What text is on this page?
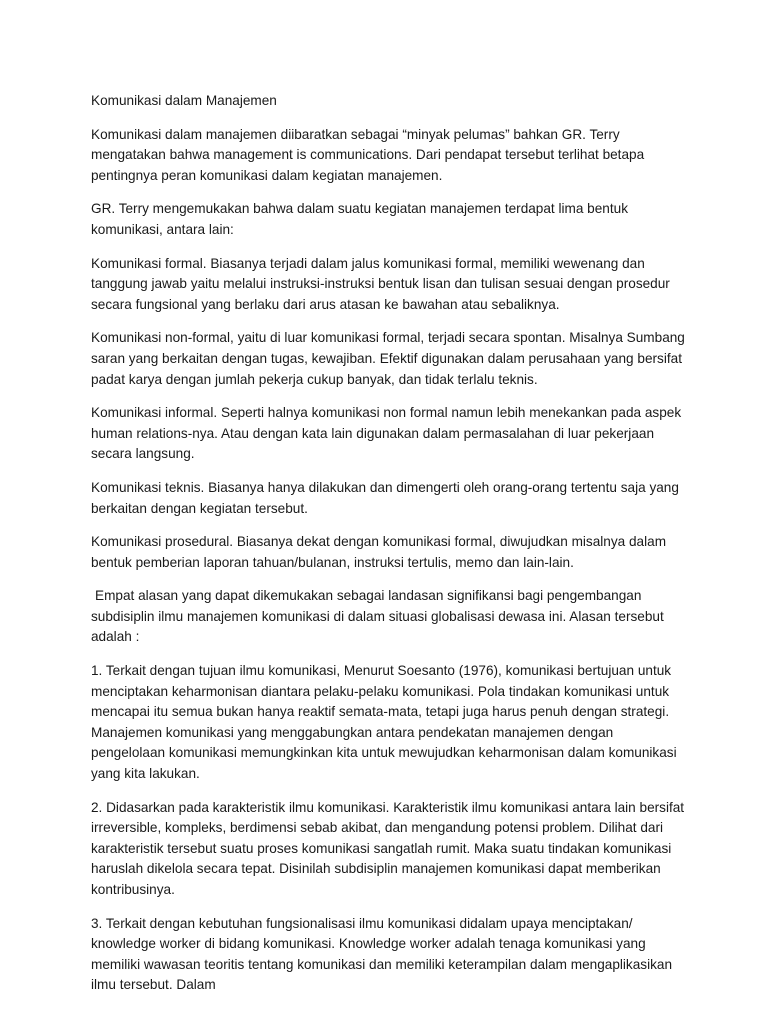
Komunikasi dalam Manajemen

Komunikasi dalam manajemen diibaratkan sebagai “minyak pelumas” bahkan GR. Terry mengatakan bahwa management is communications. Dari pendapat tersebut terlihat betapa pentingnya peran komunikasi dalam kegiatan manajemen.

GR. Terry mengemukakan bahwa dalam suatu kegiatan manajemen terdapat lima bentuk komunikasi, antara lain:

Komunikasi formal. Biasanya terjadi dalam jalus komunikasi formal, memiliki wewenang dan tanggung jawab yaitu melalui instruksi-instruksi bentuk lisan dan tulisan sesuai dengan prosedur secara fungsional yang berlaku dari arus atasan ke bawahan atau sebaliknya.

Komunikasi non-formal, yaitu di luar komunikasi formal, terjadi secara spontan. Misalnya Sumbang saran yang berkaitan dengan tugas, kewajiban. Efektif digunakan dalam perusahaan yang bersifat padat karya dengan jumlah pekerja cukup banyak, dan tidak terlalu teknis.

Komunikasi informal. Seperti halnya komunikasi non formal namun lebih menekankan pada aspek human relations-nya. Atau dengan kata lain digunakan dalam permasalahan di luar pekerjaan secara langsung.

Komunikasi teknis. Biasanya hanya dilakukan dan dimengerti oleh orang-orang tertentu saja yang berkaitan dengan kegiatan tersebut.

Komunikasi prosedural. Biasanya dekat dengan komunikasi formal, diwujudkan misalnya dalam bentuk pemberian laporan tahuan/bulanan, instruksi tertulis, memo dan lain-lain.

Empat alasan yang dapat dikemukakan sebagai landasan signifikansi bagi pengembangan subdisiplin ilmu manajemen komunikasi di dalam situasi globalisasi dewasa ini. Alasan tersebut adalah :

1. Terkait dengan tujuan ilmu komunikasi, Menurut Soesanto (1976), komunikasi bertujuan untuk menciptakan keharmonisan diantara pelaku-pelaku komunikasi. Pola tindakan komunikasi untuk mencapai itu semua bukan hanya reaktif semata-mata, tetapi juga harus penuh dengan strategi. Manajemen komunikasi yang menggabungkan antara pendekatan manajemen dengan pengelolaan komunikasi memungkinkan kita untuk mewujudkan keharmonisan dalam komunikasi yang kita lakukan.

2. Didasarkan pada karakteristik ilmu komunikasi. Karakteristik ilmu komunikasi antara lain bersifat irreversible, kompleks, berdimensi sebab akibat, dan mengandung potensi problem. Dilihat dari karakteristik tersebut suatu proses komunikasi sangatlah rumit. Maka suatu tindakan komunikasi haruslah dikelola secara tepat. Disinilah subdisiplin manajemen komunikasi dapat memberikan kontribusinya.

3. Terkait dengan kebutuhan fungsionalisasi ilmu komunikasi didalam upaya menciptakan/ knowledge worker di bidang komunikasi. Knowledge worker adalah tenaga komunikasi yang memiliki wawasan teoritis tentang komunikasi dan memiliki keterampilan dalam mengaplikasikan ilmu tersebut. Dalam
